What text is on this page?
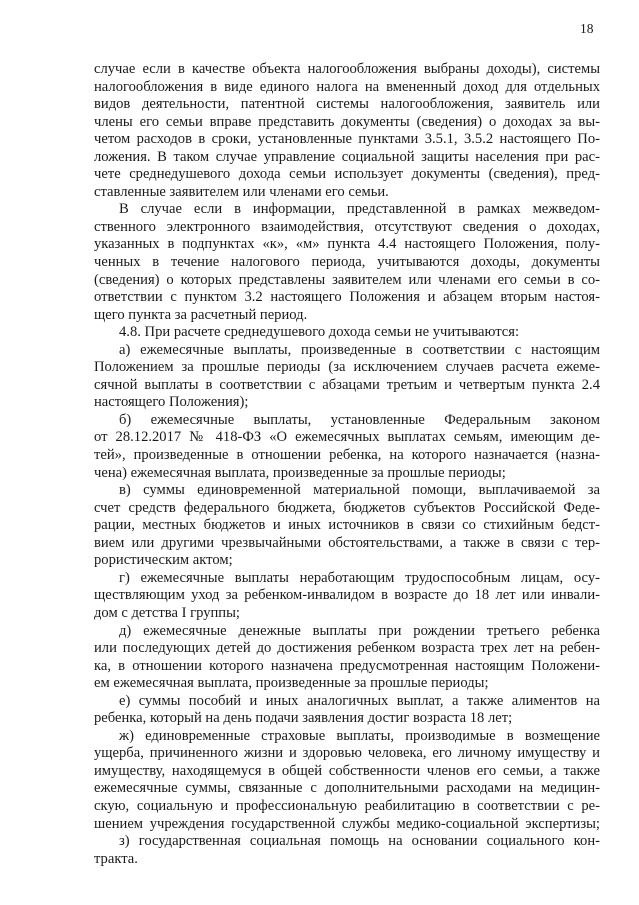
18
случае если в качестве объекта налогообложения выбраны доходы), системы
налогообложения в виде единого налога на вмененный доход для отдельных
видов деятельности, патентной системы налогообложения, заявитель или
члены его семьи вправе представить документы (сведения) о доходах за вы-
четом расходов в сроки, установленные пунктами 3.5.1, 3.5.2 настоящего По-
ложения. В таком случае управление социальной защиты населения при рас-
чете среднедушевого дохода семьи использует документы (сведения), пред-
ставленные заявителем или членами его семьи.
В случае если в информации, представленной в рамках межведом-
ственного электронного взаимодействия, отсутствуют сведения о доходах,
указанных в подпунктах «к», «м» пункта 4.4 настоящего Положения, полу-
ченных в течение налогового периода, учитываются доходы, документы
(сведения) о которых представлены заявителем или членами его семьи в со-
ответствии с пунктом 3.2 настоящего Положения и абзацем вторым настоя-
щего пункта за расчетный период.
4.8. При расчете среднедушевого дохода семьи не учитываются:
а) ежемесячные выплаты, произведенные в соответствии с настоящим
Положением за прошлые периоды (за исключением случаев расчета ежеме-
сячной выплаты в соответствии с абзацами третьим и четвертым пункта 2.4
настоящего Положения);
б) ежемесячные выплаты, установленные Федеральным законом
от 28.12.2017 № 418-ФЗ «О ежемесячных выплатах семьям, имеющим де-
тей», произведенные в отношении ребенка, на которого назначается (назна-
чена) ежемесячная выплата, произведенные за прошлые периоды;
в) суммы единовременной материальной помощи, выплачиваемой за
счет средств федерального бюджета, бюджетов субъектов Российской Феде-
рации, местных бюджетов и иных источников в связи со стихийным бедст-
вием или другими чрезвычайными обстоятельствами, а также в связи с тер-
рористическим актом;
г) ежемесячные выплаты неработающим трудоспособным лицам, осу-
ществляющим уход за ребенком-инвалидом в возрасте до 18 лет или инвали-
дом с детства I группы;
д) ежемесячные денежные выплаты при рождении третьего ребенка
или последующих детей до достижения ребенком возраста трех лет на ребен-
ка, в отношении которого назначена предусмотренная настоящим Положени-
ем ежемесячная выплата, произведенные за прошлые периоды;
е) суммы пособий и иных аналогичных выплат, а также алиментов на
ребенка, который на день подачи заявления достиг возраста 18 лет;
ж) единовременные страховые выплаты, производимые в возмещение
ущерба, причиненного жизни и здоровью человека, его личному имуществу и
имуществу, находящемуся в общей собственности членов его семьи, а также
ежемесячные суммы, связанные с дополнительными расходами на медицин-
скую, социальную и профессиональную реабилитацию в соответствии с ре-
шением учреждения государственной службы медико-социальной экспертизы;
з) государственная социальная помощь на основании социального кон-
тракта.
